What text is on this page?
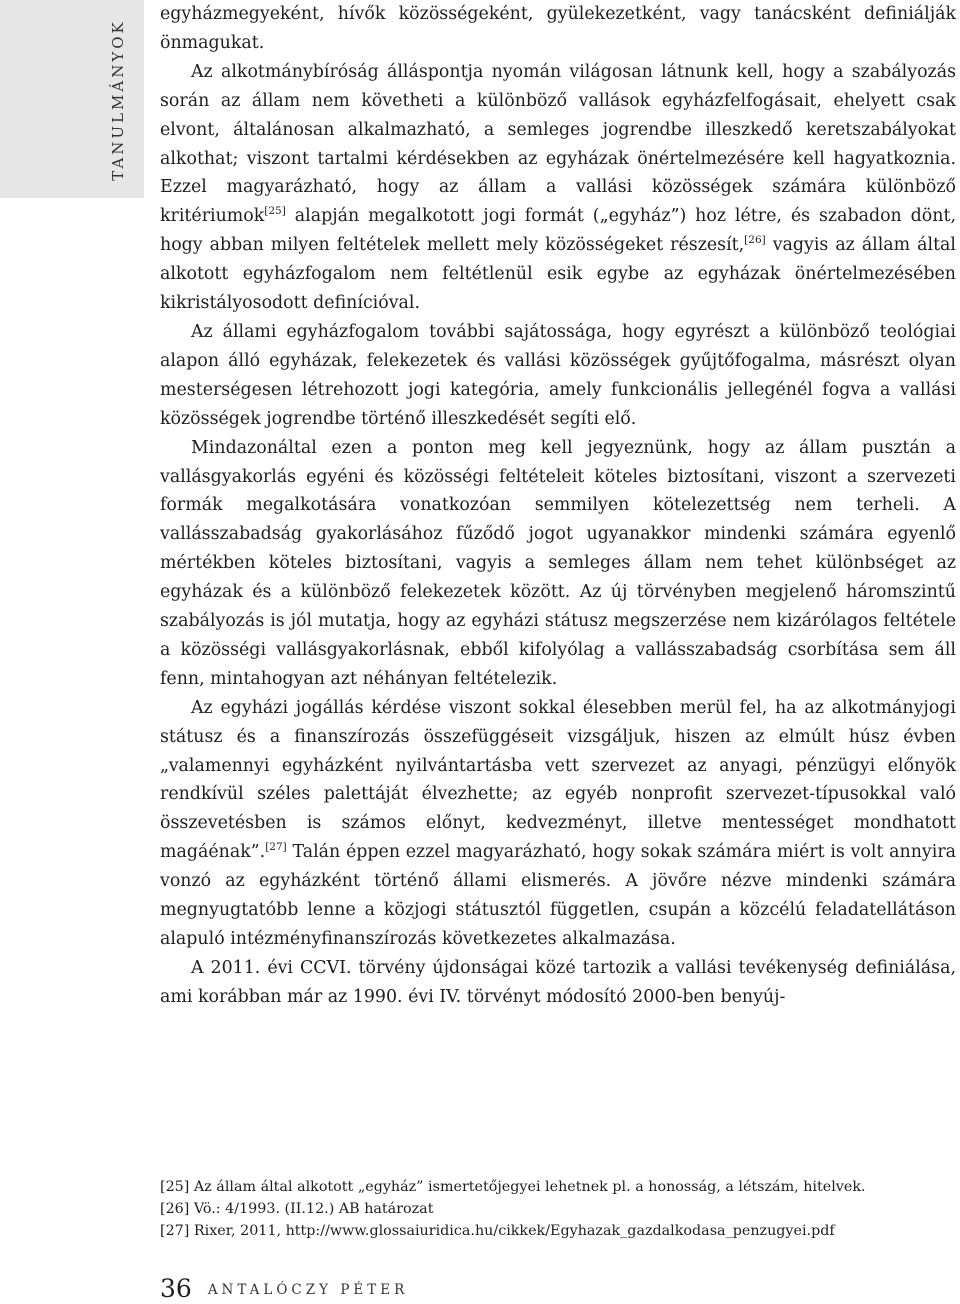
TANULMÁNYOK

egyházmegyeként, hívők közösségeként, gyülekezetként, vagy tanácsként definiálják önmagukat.

Az alkotmánybíróság álláspontja nyomán világosan látnunk kell, hogy a szabályozás során az állam nem követheti a különböző vallások egyházfelfogásait, ehelyett csak elvont, általánosan alkalmazható, a semleges jogrendbe illeszkedő keretszabályokat alkothat; viszont tartalmi kérdésekben az egyházak önértelmezésére kell hagyatkoznia. Ezzel magyarázható, hogy az állam a vallási közösségek számára különböző kritériumok[25] alapján megalkotott jogi formát („egyház”) hoz létre, és szabadon dönt, hogy abban milyen feltételek mellett mely közösségeket részesít,[26] vagyis az állam által alkotott egyházfogalom nem feltétlenül esik egybe az egyházak önértelmezésében kikristályosodott definícióval.

Az állami egyházfogalom további sajátossága, hogy egyrészt a különböző teológiai alapon álló egyházak, felekezetek és vallási közösségek gyűjtőfogalma, másrészt olyan mesterségesen létrehozott jogi kategória, amely funkcionális jellegénél fogva a vallási közösségek jogrendbe történő illeszkedését segíti elő.

Mindazonáltal ezen a ponton meg kell jegyeznünk, hogy az állam pusztán a vallásgyakorlás egyéni és közösségi feltételeit köteles biztosítani, viszont a szervezeti formák megalkotására vonatkozóan semmilyen kötelezettség nem terheli. A vallásszabadság gyakorlásához fűződő jogot ugyanakkor mindenki számára egyenlő mértékben köteles biztosítani, vagyis a semleges állam nem tehet különbséget az egyházak és a különböző felekezetek között. Az új törvényben megjelenő háromszintű szabályozás is jól mutatja, hogy az egyházi státusz megszerzése nem kizárólagos feltétele a közösségi vallásgyakorlásnak, ebből kifolyólag a vallásszabadság csorbítása sem áll fenn, mintahogyan azt néhányan feltételezik.

Az egyházi jogállás kérdése viszont sokkal élesebben merül fel, ha az alkotmányjogi státusz és a finanszírozás összefüggéseit vizsgáljuk, hiszen az elmúlt húsz évben „valamennyi egyházként nyilvántartásba vett szervezet az anyagi, pénzügyi előnyök rendkívül széles palettáját élvezhette; az egyéb nonprofit szervezet-típusokkal való összevetésben is számos előnyt, kedvezményt, illetve mentességet mondhatott magáénak”.[27] Talán éppen ezzel magyarázható, hogy sokak számára miért is volt annyira vonzó az egyházként történő állami elismerés. A jövőre nézve mindenki számára megnyugtatóbb lenne a közjogi státusztól független, csupán a közcélú feladatellátáson alapuló intézményfinanszírozás következetes alkalmazása.

A 2011. évi CCVI. törvény újdonságai közé tartozik a vallási tevékenység definiálása, ami korábban már az 1990. évi IV. törvényt módosító 2000-ben benyúj-

[25] Az állam által alkotott „egyház” ismertetőjegyei lehetnek pl. a honosság, a létszám, hitelvek.
[26] Vö.: 4/1993. (II.12.) AB határozat
[27] Rixer, 2011, http://www.glossaiuridica.hu/cikkek/Egyhazak_gazdalkodasa_penzugyei.pdf
36 ANTALÓCZY PÉTER
